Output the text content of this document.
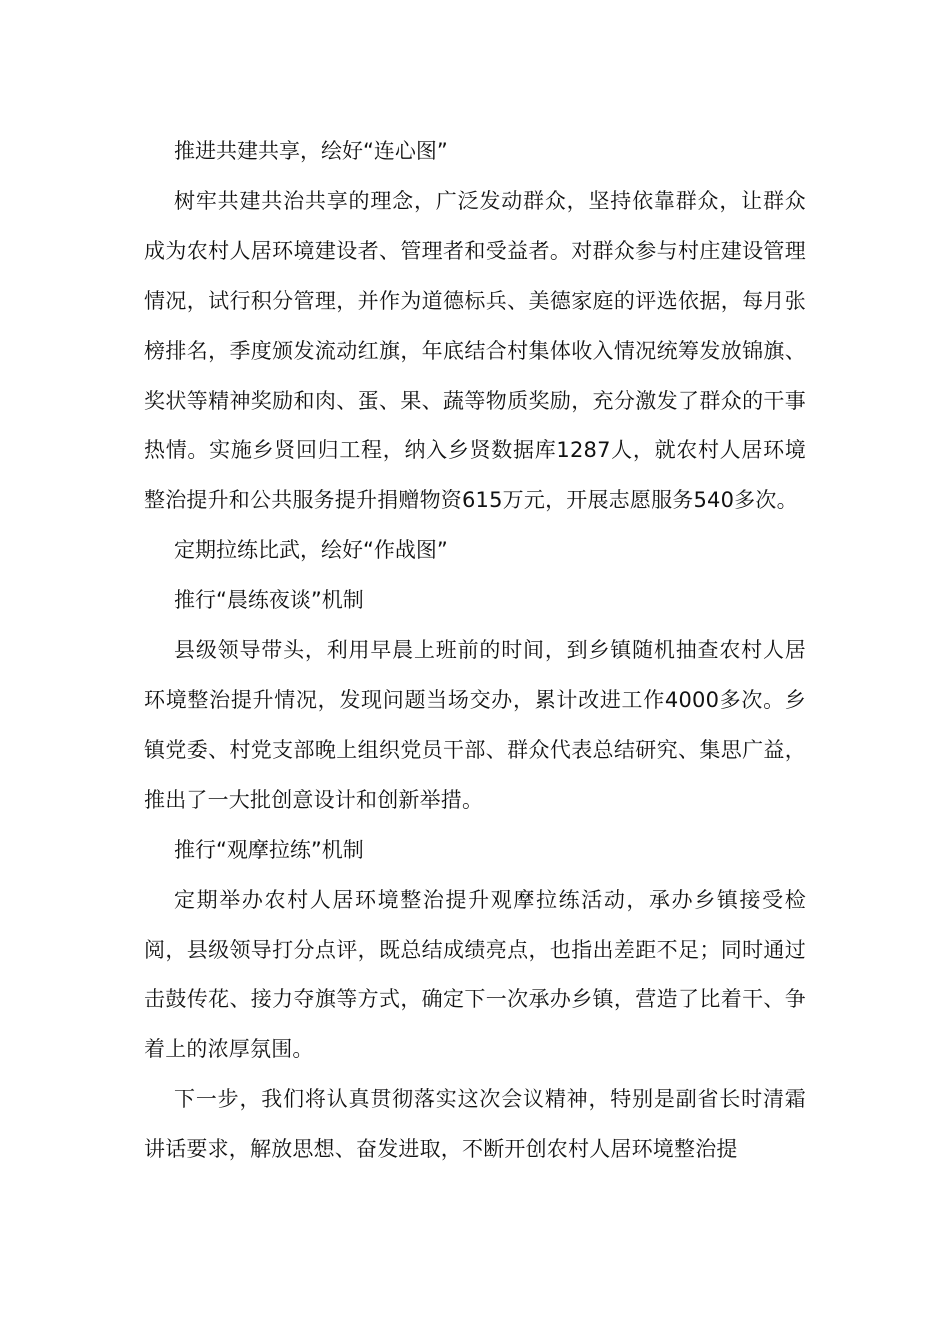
推进共建共享，绘好“连心图”

树牢共建共治共享的理念，广泛发动群众，坚持依靠群众，让群众成为农村人居环境建设者、管理者和受益者。对群众参与村庄建设管理情况，试行积分管理，并作为道德标兵、美德家庭的评选依据，每月张榜排名，季度颁发流动红旗，年底结合村集体收入情况统筹发放锦旗、奖状等精神奖励和肉、蛋、果、蔬等物质奖励，充分激发了群众的干事热情。实施乡贤回归工程，纳入乡贤数据库1287人，就农村人居环境整治提升和公共服务提升捐赠物资615万元，开展志愿服务540多次。

定期拉练比武，绘好“作战图”

推行“晨练夜谈”机制

县级领导带头，利用早晨上班前的时间，到乡镇随机抽查农村人居环境整治提升情况，发现问题当场交办，累计改进工作4000多次。乡镇党委、村党支部晚上组织党员干部、群众代表总结研究、集思广益，推出了一大批创意设计和创新举措。

推行“观摩拉练”机制

定期举办农村人居环境整治提升观摩拉练活动，承办乡镇接受检阅，县级领导打分点评，既总结成绩亮点，也指出差距不足；同时通过击鼓传花、接力夺旗等方式，确定下一次承办乡镇，营造了比着干、争着上的浓厚氛围。

下一步，我们将认真贯彻落实这次会议精神，特别是副省长时清霜讲话要求，解放思想、奋发进取，不断开创农村人居环境整治提
